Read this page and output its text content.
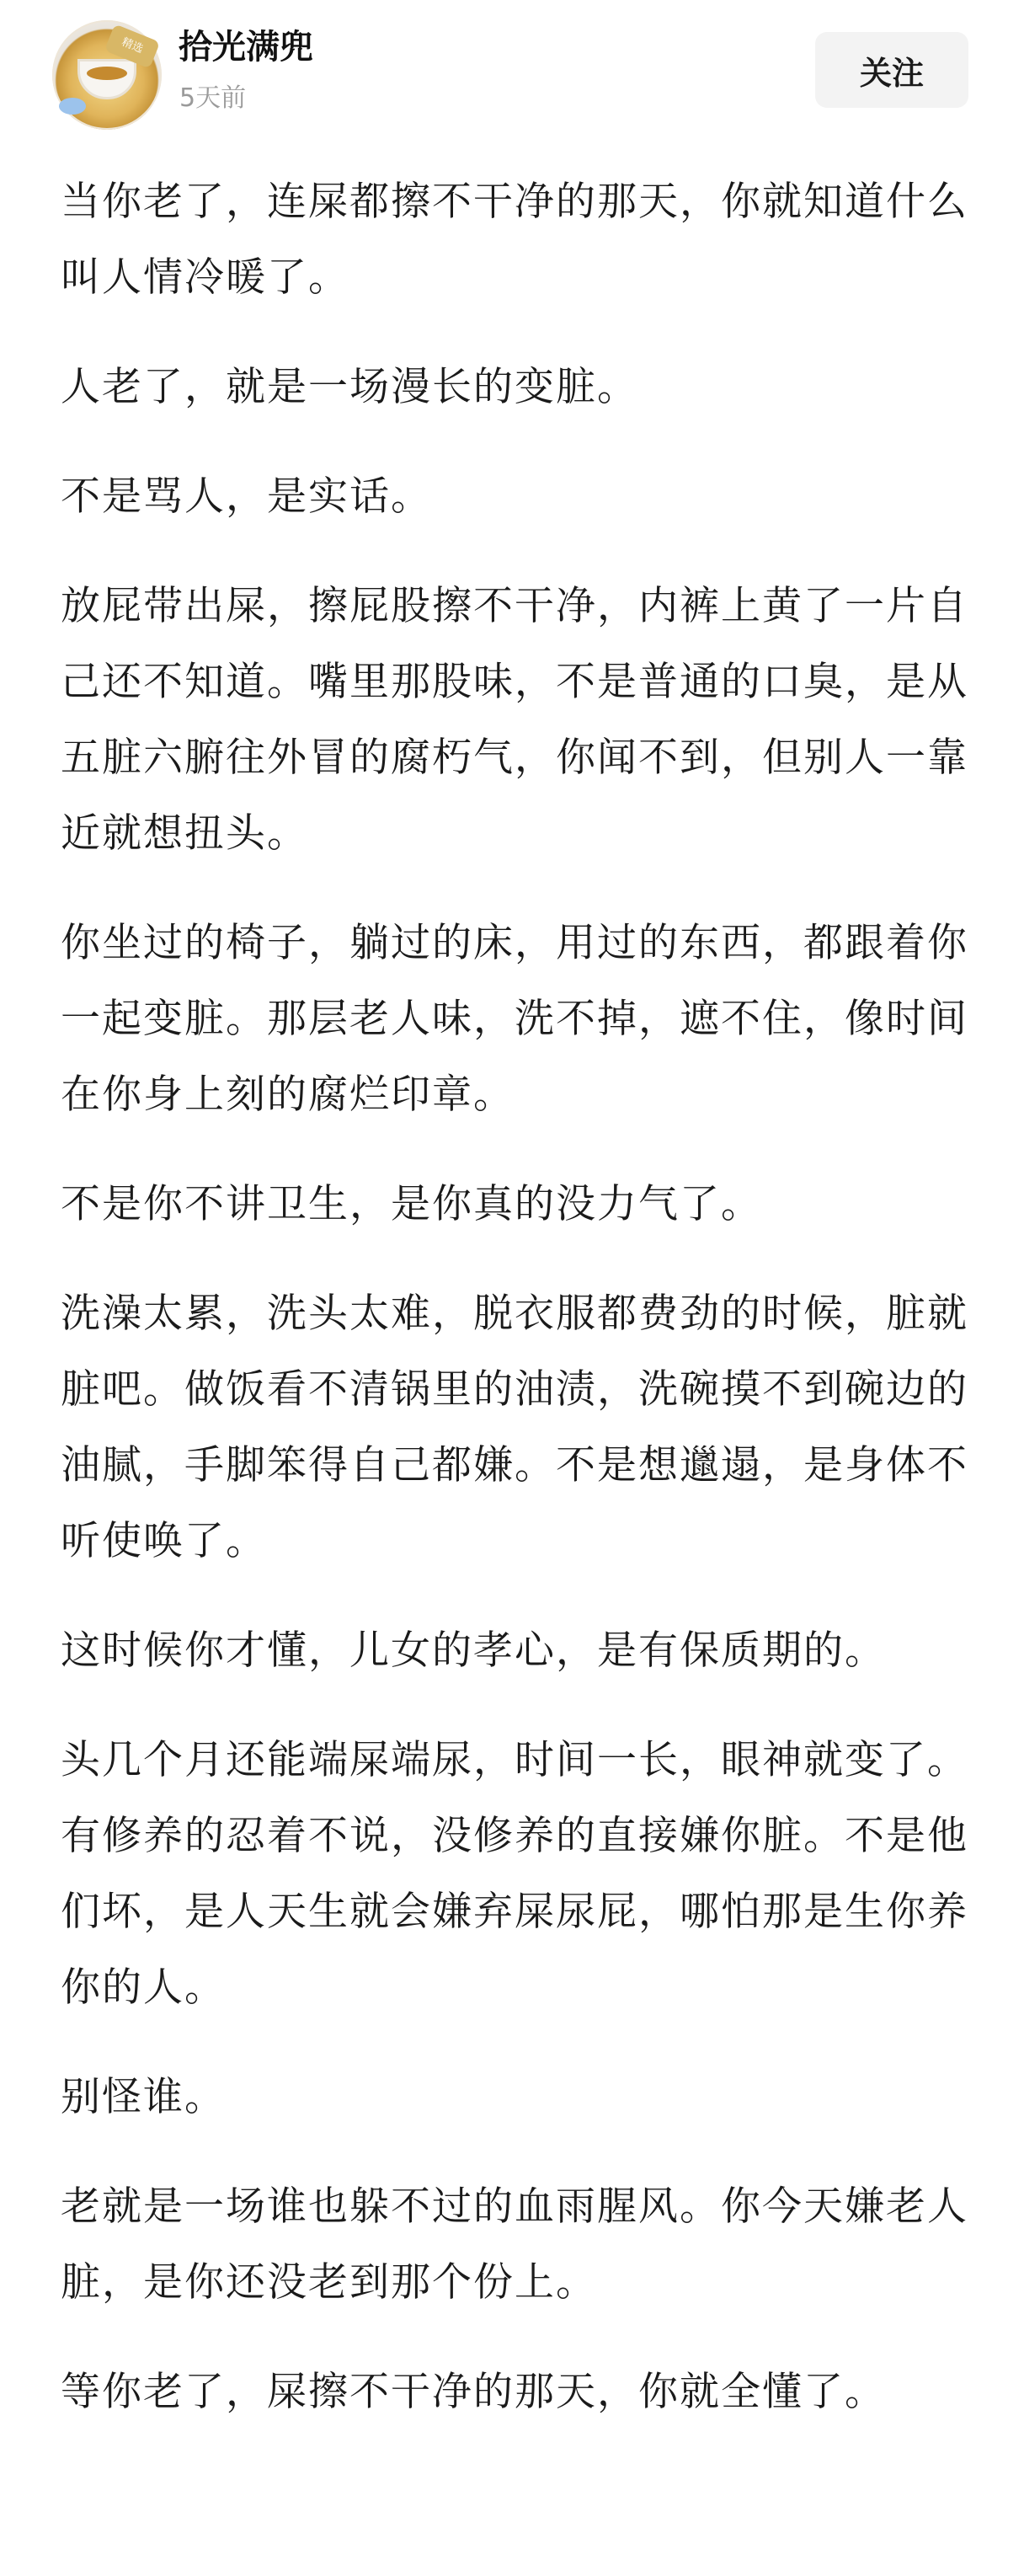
精选 拾光满兜
5天前
关注

当你老了，连屎都擦不干净的那天，你就知道什么叫人情冷暖了。

人老了，就是一场漫长的变脏。

不是骂人，是实话。

放屁带出屎，擦屁股擦不干净，内裤上黄了一片自己还不知道。嘴里那股味，不是普通的口臭，是从五脏六腑往外冒的腐朽气，你闻不到，但别人一靠近就想扭头。

你坐过的椅子，躺过的床，用过的东西，都跟着你一起变脏。那层老人味，洗不掉，遮不住，像时间在你身上刻的腐烂印章。

不是你不讲卫生，是你真的没力气了。

洗澡太累，洗头太难，脱衣服都费劲的时候，脏就脏吧。做饭看不清锅里的油渍，洗碗摸不到碗边的油腻，手脚笨得自己都嫌。不是想邋遢，是身体不听使唤了。

这时候你才懂，儿女的孝心，是有保质期的。

头几个月还能端屎端尿，时间一长，眼神就变了。有修养的忍着不说，没修养的直接嫌你脏。不是他们坏，是人天生就会嫌弃屎尿屁，哪怕那是生你养你的人。

别怪谁。

老就是一场谁也躲不过的血雨腥风。你今天嫌老人脏，是你还没老到那个份上。

等你老了，屎擦不干净的那天，你就全懂了。
